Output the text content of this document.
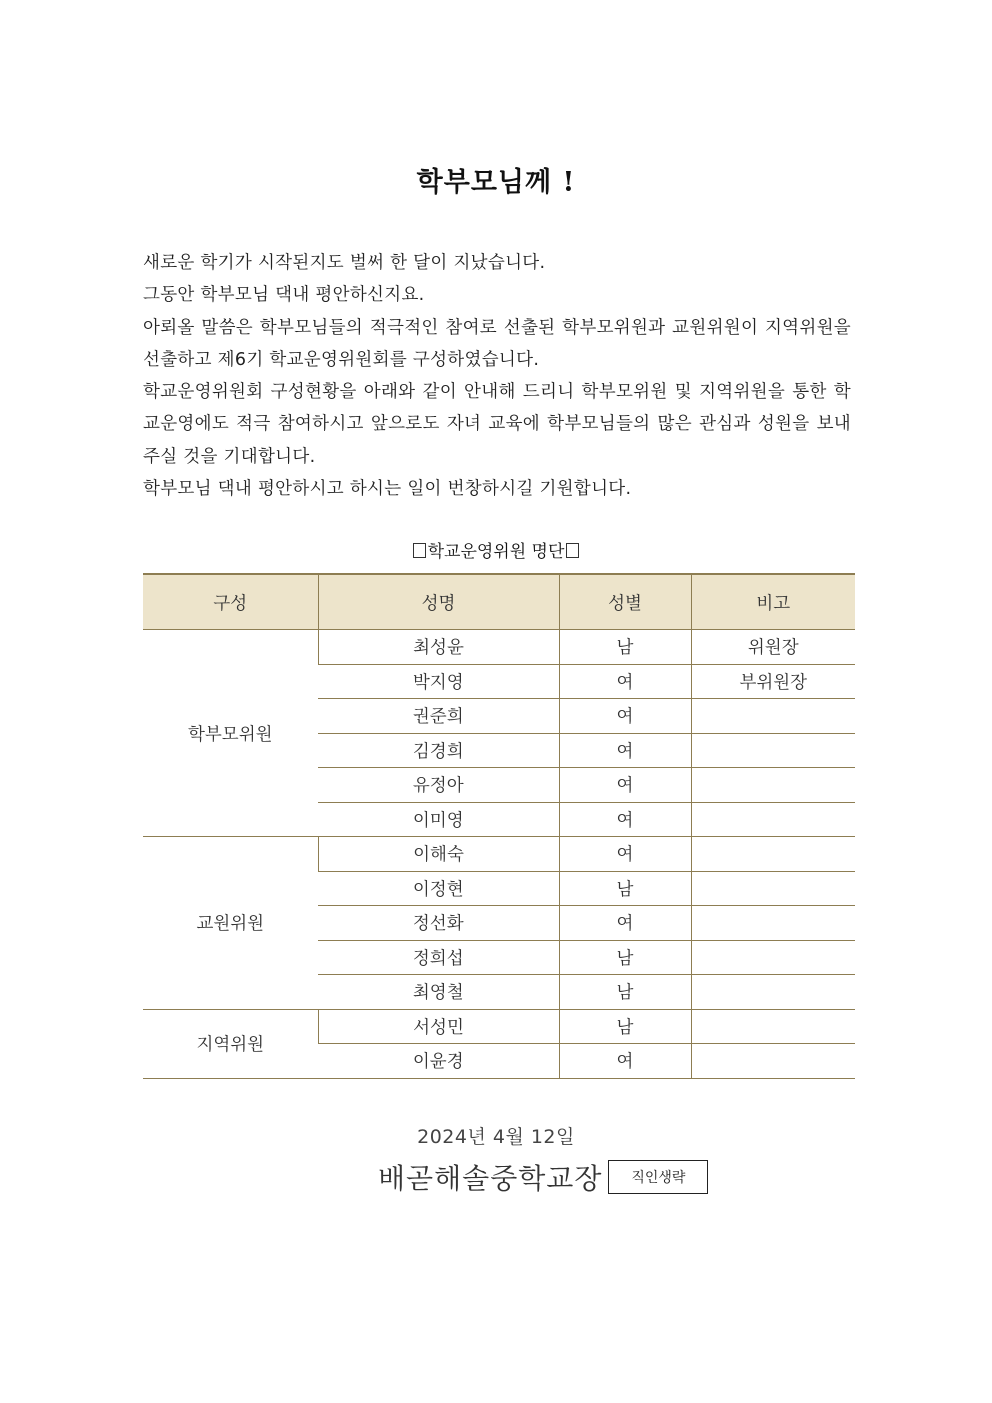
학부모님께 !

새로운 학기가 시작된지도 벌써 한 달이 지났습니다.

그동안 학부모님 댁내 평안하신지요.

아뢰올 말씀은 학부모님들의 적극적인 참여로 선출된 학부모위원과 교원위원이 지역위원을 선출하고 제6기 학교운영위원회를 구성하였습니다.

학교운영위원회 구성현황을 아래와 같이 안내해 드리니 학부모위원 및 지역위원을 통한 학교운영에도 적극 참여하시고 앞으로도 자녀 교육에 학부모님들의 많은 관심과 성원을 보내주실 것을 기대합니다.

학부모님 댁내 평안하시고 하시는 일이 번창하시길 기원합니다.

학교운영위원 명단
구성	성명	성별	비고
학부모위원	최성윤	남	위원장
	박지영	여	부위원장
	권준희	여	
	김경희	여	
	유정아	여	
	이미영	여	
교원위원	이해숙	여	
	이정현	남	
	정선화	여	
	정희섭	남	
	최영철	남	
지역위원	서성민	남	
	이윤경	여	
2024년 4월 12일
배곧해솔중학교장	직인생략
